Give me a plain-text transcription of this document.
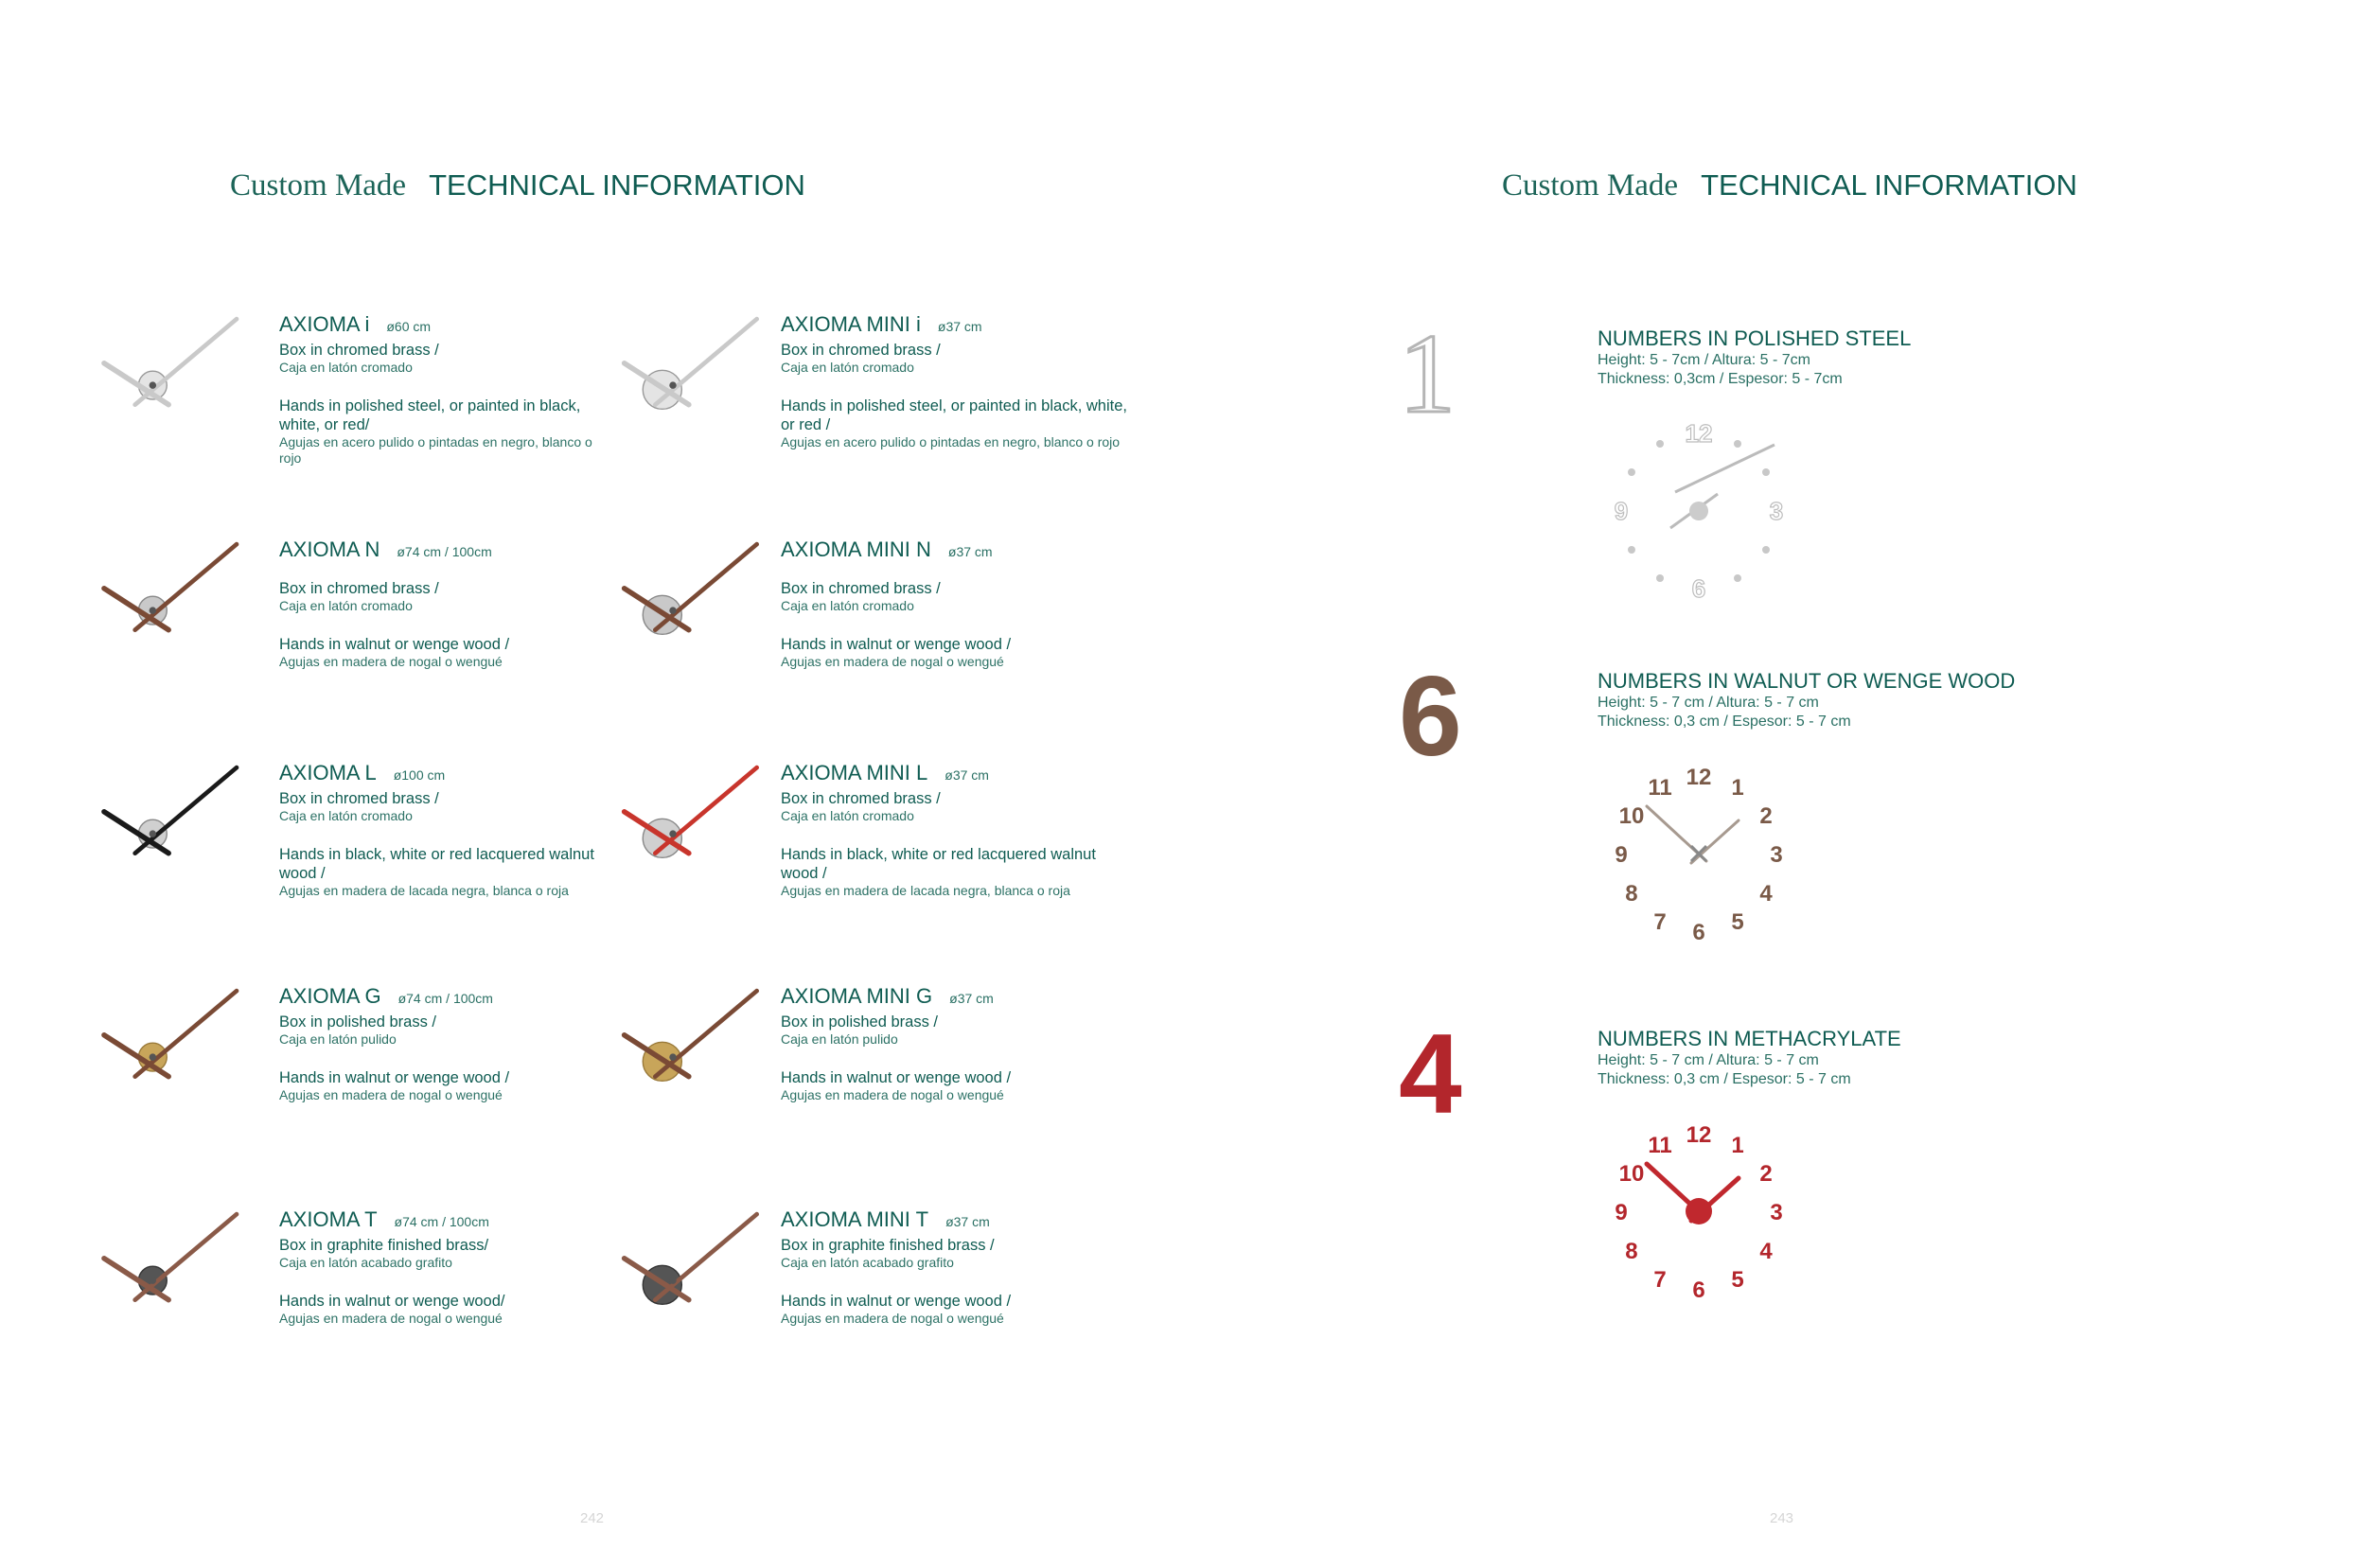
Custom Made TECHNICAL INFORMATION
AXIOMA i ø60 cm
Box in chromed brass /
Caja en latón cromado
Hands in polished steel, or painted in black, white, or red/
Agujas en acero pulido o pintadas en negro, blanco o rojo
AXIOMA MINI i ø37 cm
Box in chromed brass /
Caja en latón cromado
Hands in polished steel, or painted in black, white, or red /
Agujas en acero pulido o pintadas en negro, blanco o rojo
AXIOMA N ø74 cm / 100cm
Box in chromed brass /
Caja en latón cromado
Hands in walnut or wenge wood /
Agujas en madera de nogal o wengué
AXIOMA MINI N ø37 cm
Box in chromed brass /
Caja en latón cromado
Hands in walnut or wenge wood /
Agujas en madera de nogal o wengué
AXIOMA L ø100 cm
Box in chromed brass /
Caja en latón cromado
Hands in black, white or red lacquered walnut wood /
Agujas en madera de lacada negra, blanca o roja
AXIOMA MINI L ø37 cm
Box in chromed brass /
Caja en latón cromado
Hands in black, white or red lacquered walnut wood /
Agujas en madera de lacada negra, blanca o roja
AXIOMA G ø74 cm / 100cm
Box in polished brass /
Caja en latón pulido
Hands in walnut or wenge wood /
Agujas en madera de nogal o wengué
AXIOMA MINI G ø37 cm
Box in polished brass /
Caja en latón pulido
Hands in walnut or wenge wood /
Agujas en madera de nogal o wengué
AXIOMA T ø74 cm / 100cm
Box in graphite finished brass/
Caja en latón acabado grafito
Hands in walnut or wenge wood/
Agujas en madera de nogal o wengué
AXIOMA MINI T ø37 cm
Box in graphite finished brass /
Caja en latón acabado grafito
Hands in walnut or wenge wood /
Agujas en madera de nogal o wengué
242
Custom Made TECHNICAL INFORMATION
243
1	NUMBERS IN POLISHED STEEL
Height: 5 - 7cm / Altura: 5 - 7cm
Thickness: 0,3cm / Espesor: 5 - 7cm
12
3
6
9
6	NUMBERS IN WALNUT OR WENGE WOOD
Height: 5 - 7 cm / Altura: 5 - 7 cm
Thickness: 0,3 cm / Espesor: 5 - 7 cm
12 1
2
3
4
5
6
7
8
9
10
11
4	NUMBERS IN METHACRYLATE
Height: 5 - 7 cm / Altura: 5 - 7 cm
Thickness: 0,3 cm / Espesor: 5 - 7 cm
12 1
2
3
4
5
6
7
8
9
10
11
